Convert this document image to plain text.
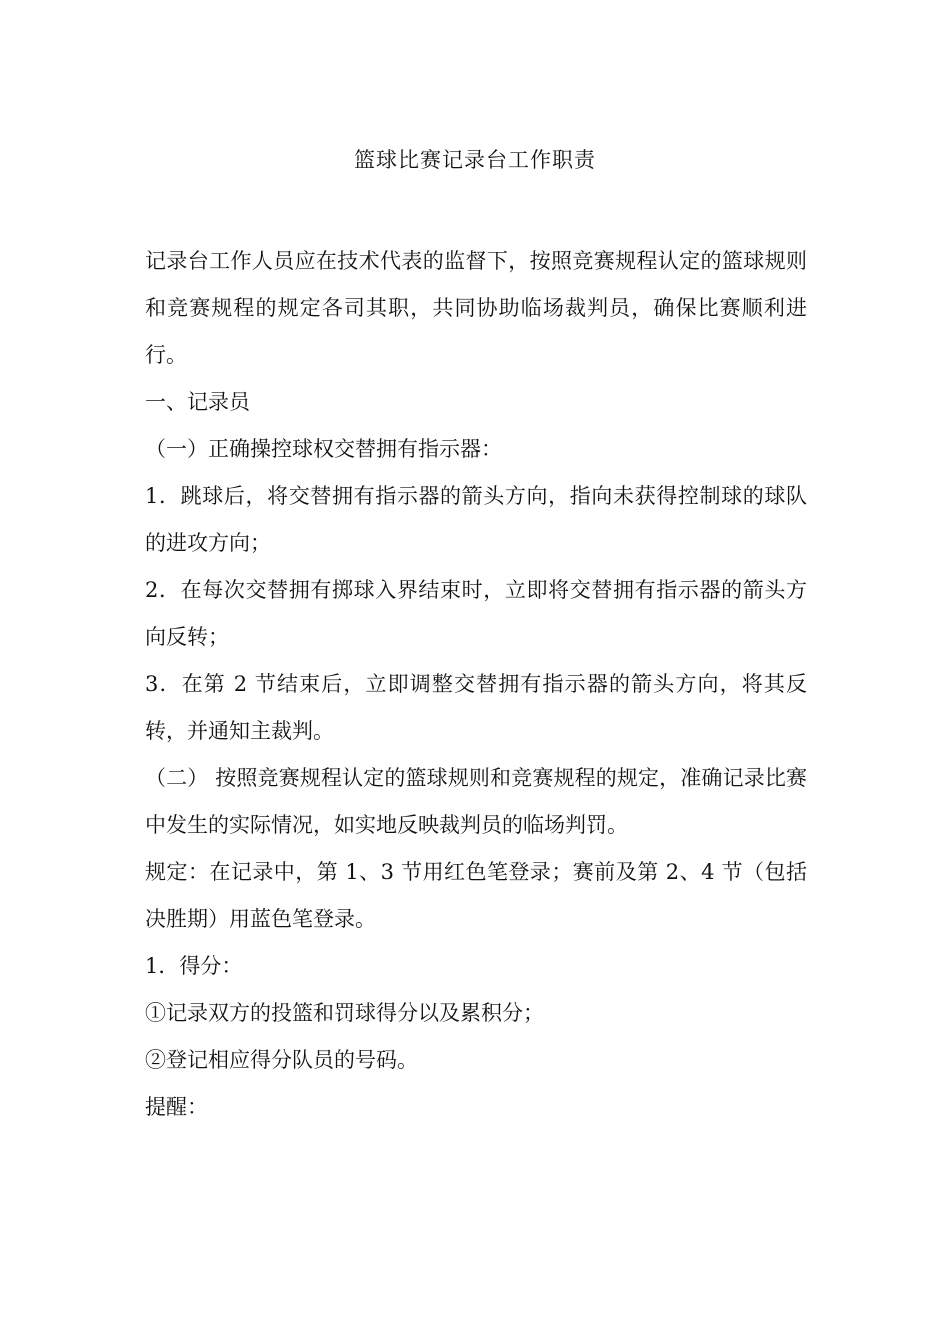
篮球比赛记录台工作职责

记录台工作人员应在技术代表的监督下，按照竞赛规程认定的篮球规则和竞赛规程的规定各司其职，共同协助临场裁判员，确保比赛顺利进行。

一、记录员

（一）正确操控球权交替拥有指示器：

1．跳球后，将交替拥有指示器的箭头方向，指向未获得控制球的球队的进攻方向；

2．在每次交替拥有掷球入界结束时，立即将交替拥有指示器的箭头方向反转；

3．在第 2 节结束后，立即调整交替拥有指示器的箭头方向，将其反转，并通知主裁判。

（二） 按照竞赛规程认定的篮球规则和竞赛规程的规定，准确记录比赛中发生的实际情况，如实地反映裁判员的临场判罚。

规定：在记录中，第 1、3 节用红色笔登录；赛前及第 2、4 节（包括决胜期）用蓝色笔登录。

1．得分：

①记录双方的投篮和罚球得分以及累积分；

②登记相应得分队员的号码。

提醒：
